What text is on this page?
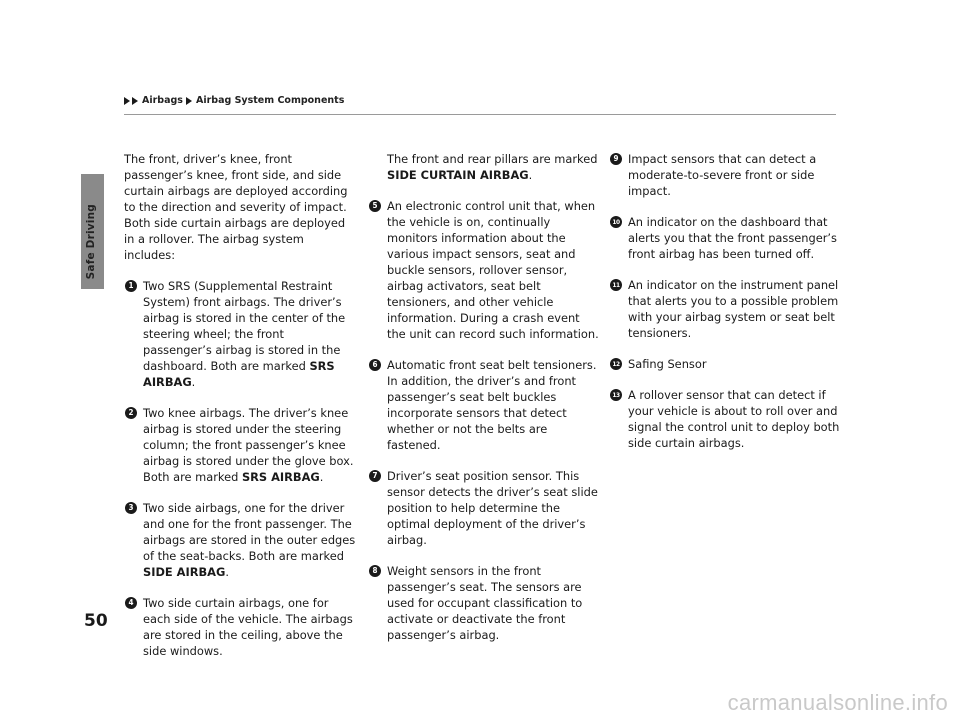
Airbags Airbag System Components
Safe Driving

The front, driver’s knee, front passenger’s knee, front side, and side curtain airbags are deployed according to the direction and severity of impact. Both side curtain airbags are deployed in a rollover. The airbag system includes:

1 Two SRS (Supplemental Restraint System) front airbags. The driver’s airbag is stored in the center of the steering wheel; the front passenger’s airbag is stored in the dashboard. Both are marked SRS AIRBAG.
2 Two knee airbags. The driver’s knee airbag is stored under the steering column; the front passenger’s knee airbag is stored under the glove box. Both are marked SRS AIRBAG.
3 Two side airbags, one for the driver and one for the front passenger. The airbags are stored in the outer edges of the seat-backs. Both are marked SIDE AIRBAG.
4 Two side curtain airbags, one for each side of the vehicle. The airbags are stored in the ceiling, above the side windows.
The front and rear pillars are marked SIDE CURTAIN AIRBAG.
5 An electronic control unit that, when the vehicle is on, continually monitors information about the various impact sensors, seat and buckle sensors, rollover sensor, airbag activators, seat belt tensioners, and other vehicle information. During a crash event the unit can record such information.
6 Automatic front seat belt tensioners. In addition, the driver’s and front passenger’s seat belt buckles incorporate sensors that detect whether or not the belts are fastened.
7 Driver’s seat position sensor. This sensor detects the driver’s seat slide position to help determine the optimal deployment of the driver’s airbag.
8 Weight sensors in the front passenger’s seat. The sensors are used for occupant classification to activate or deactivate the front passenger’s airbag.
9 Impact sensors that can detect a moderate-to-severe front or side impact.
10 An indicator on the dashboard that alerts you that the front passenger’s front airbag has been turned off.
11 An indicator on the instrument panel that alerts you to a possible problem with your airbag system or seat belt tensioners.
12 Safing Sensor
13 A rollover sensor that can detect if your vehicle is about to roll over and signal the control unit to deploy both side curtain airbags.
50
carmanualsonline.info
